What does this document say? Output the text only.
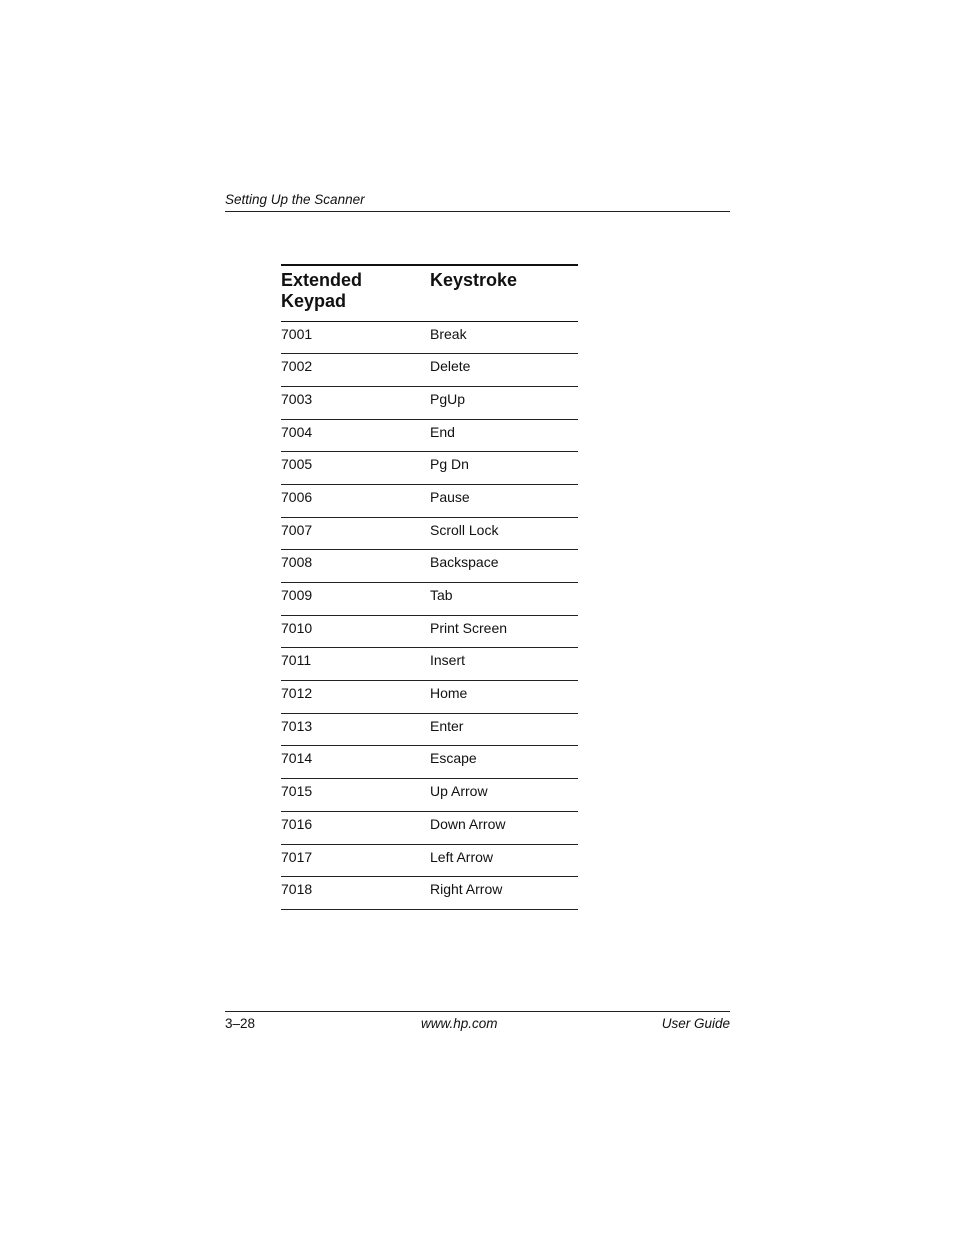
Setting Up the Scanner
Extended
Keypad	Keystroke
7001	Break
7002	Delete
7003	PgUp
7004	End
7005	Pg Dn
7006	Pause
7007	Scroll Lock
7008	Backspace
7009	Tab
7010	Print Screen
7011	Insert
7012	Home
7013	Enter
7014	Escape
7015	Up Arrow
7016	Down Arrow
7017	Left Arrow
7018	Right Arrow
3–28	www.hp.com	User Guide
